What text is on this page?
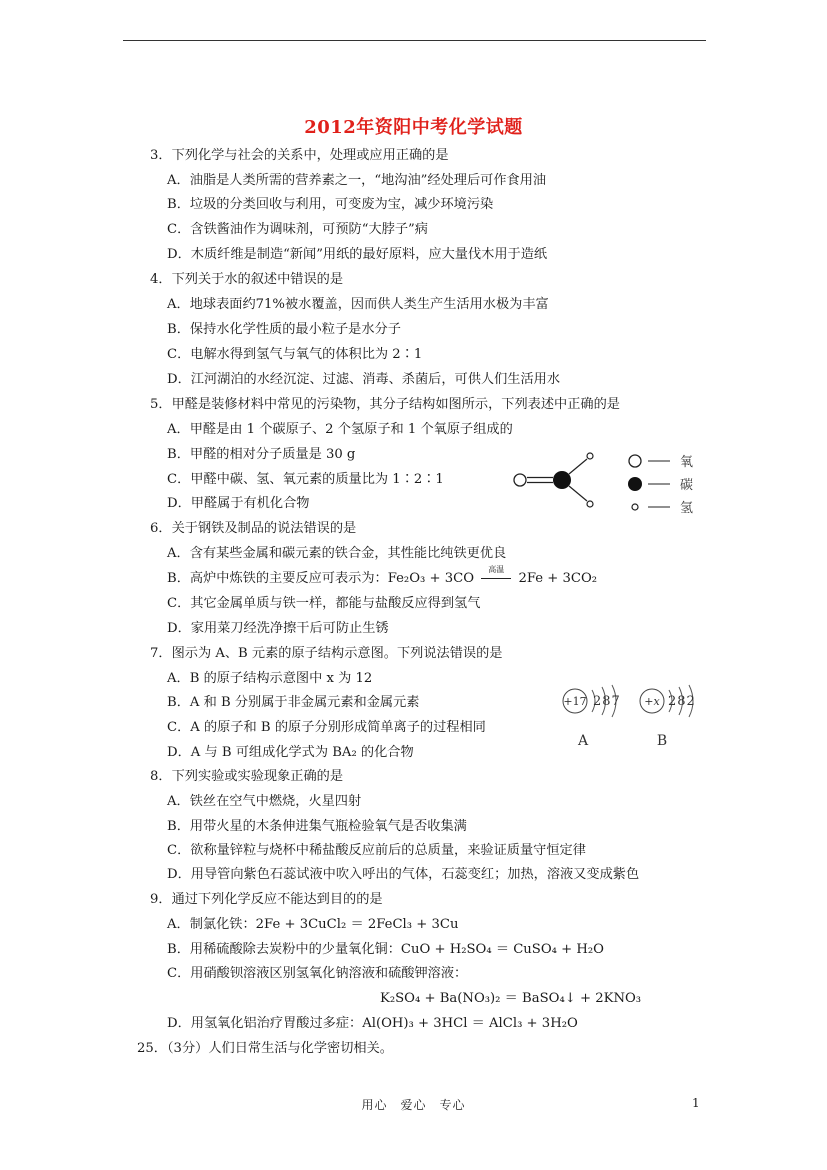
2012年资阳中考化学试题
3．下列化学与社会的关系中，处理或应用正确的是
A．油脂是人类所需的营养素之一，“地沟油”经处理后可作食用油
B．垃圾的分类回收与利用，可变废为宝，减少环境污染
C．含铁酱油作为调味剂，可预防“大脖子”病
D．木质纤维是制造“新闻”用纸的最好原料，应大量伐木用于造纸
4．下列关于水的叙述中错误的是
A．地球表面约71%被水覆盖，因而供人类生产生活用水极为丰富
B．保持水化学性质的最小粒子是水分子
C．电解水得到氢气与氧气的体积比为 2∶1
D．江河湖泊的水经沉淀、过滤、消毒、杀菌后，可供人们生活用水
5．甲醛是装修材料中常见的污染物，其分子结构如图所示，下列表述中正确的是
A．甲醛是由 1 个碳原子、2 个氢原子和 1 个氧原子组成的
B．甲醛的相对分子质量是 30 g
C．甲醛中碳、氢、氧元素的质量比为 1∶2∶1
D．甲醛属于有机化合物
氧
碳
氢
6．关于钢铁及制品的说法错误的是
A．含有某些金属和碳元素的铁合金，其性能比纯铁更优良
B．高炉中炼铁的主要反应可表示为：Fe₂O₃ + 3CO
高温
2Fe + 3CO₂
C．其它金属单质与铁一样，都能与盐酸反应得到氢气
D．家用菜刀经洗净擦干后可防止生锈
7．图示为 A、B 元素的原子结构示意图。下列说法错误的是
A．B 的原子结构示意图中 x 为 12
B．A 和 B 分别属于非金属元素和金属元素
C．A 的原子和 B 的原子分别形成简单离子的过程相同
D．A 与 B 可组成化学式为 BA₂ 的化合物
+17 287
A
+x 282
B
8．下列实验或实验现象正确的是
A．铁丝在空气中燃烧，火星四射
B．用带火星的木条伸进集气瓶检验氧气是否收集满
C．欲称量锌粒与烧杯中稀盐酸反应前后的总质量，来验证质量守恒定律
D．用导管向紫色石蕊试液中吹入呼出的气体，石蕊变红；加热，溶液又变成紫色
9．通过下列化学反应不能达到目的的是
A．制氯化铁：2Fe + 3CuCl₂ ＝ 2FeCl₃ + 3Cu
B．用稀硫酸除去炭粉中的少量氧化铜：CuO + H₂SO₄ ＝ CuSO₄ + H₂O
C．用硝酸钡溶液区别氢氧化钠溶液和硫酸钾溶液：
K₂SO₄ + Ba(NO₃)₂ ＝ BaSO₄↓ + 2KNO₃
D．用氢氧化铝治疗胃酸过多症：Al(OH)₃ + 3HCl ＝ AlCl₃ + 3H₂O
25．（3分）人们日常生活与化学密切相关。
用心　爱心　专心	1
